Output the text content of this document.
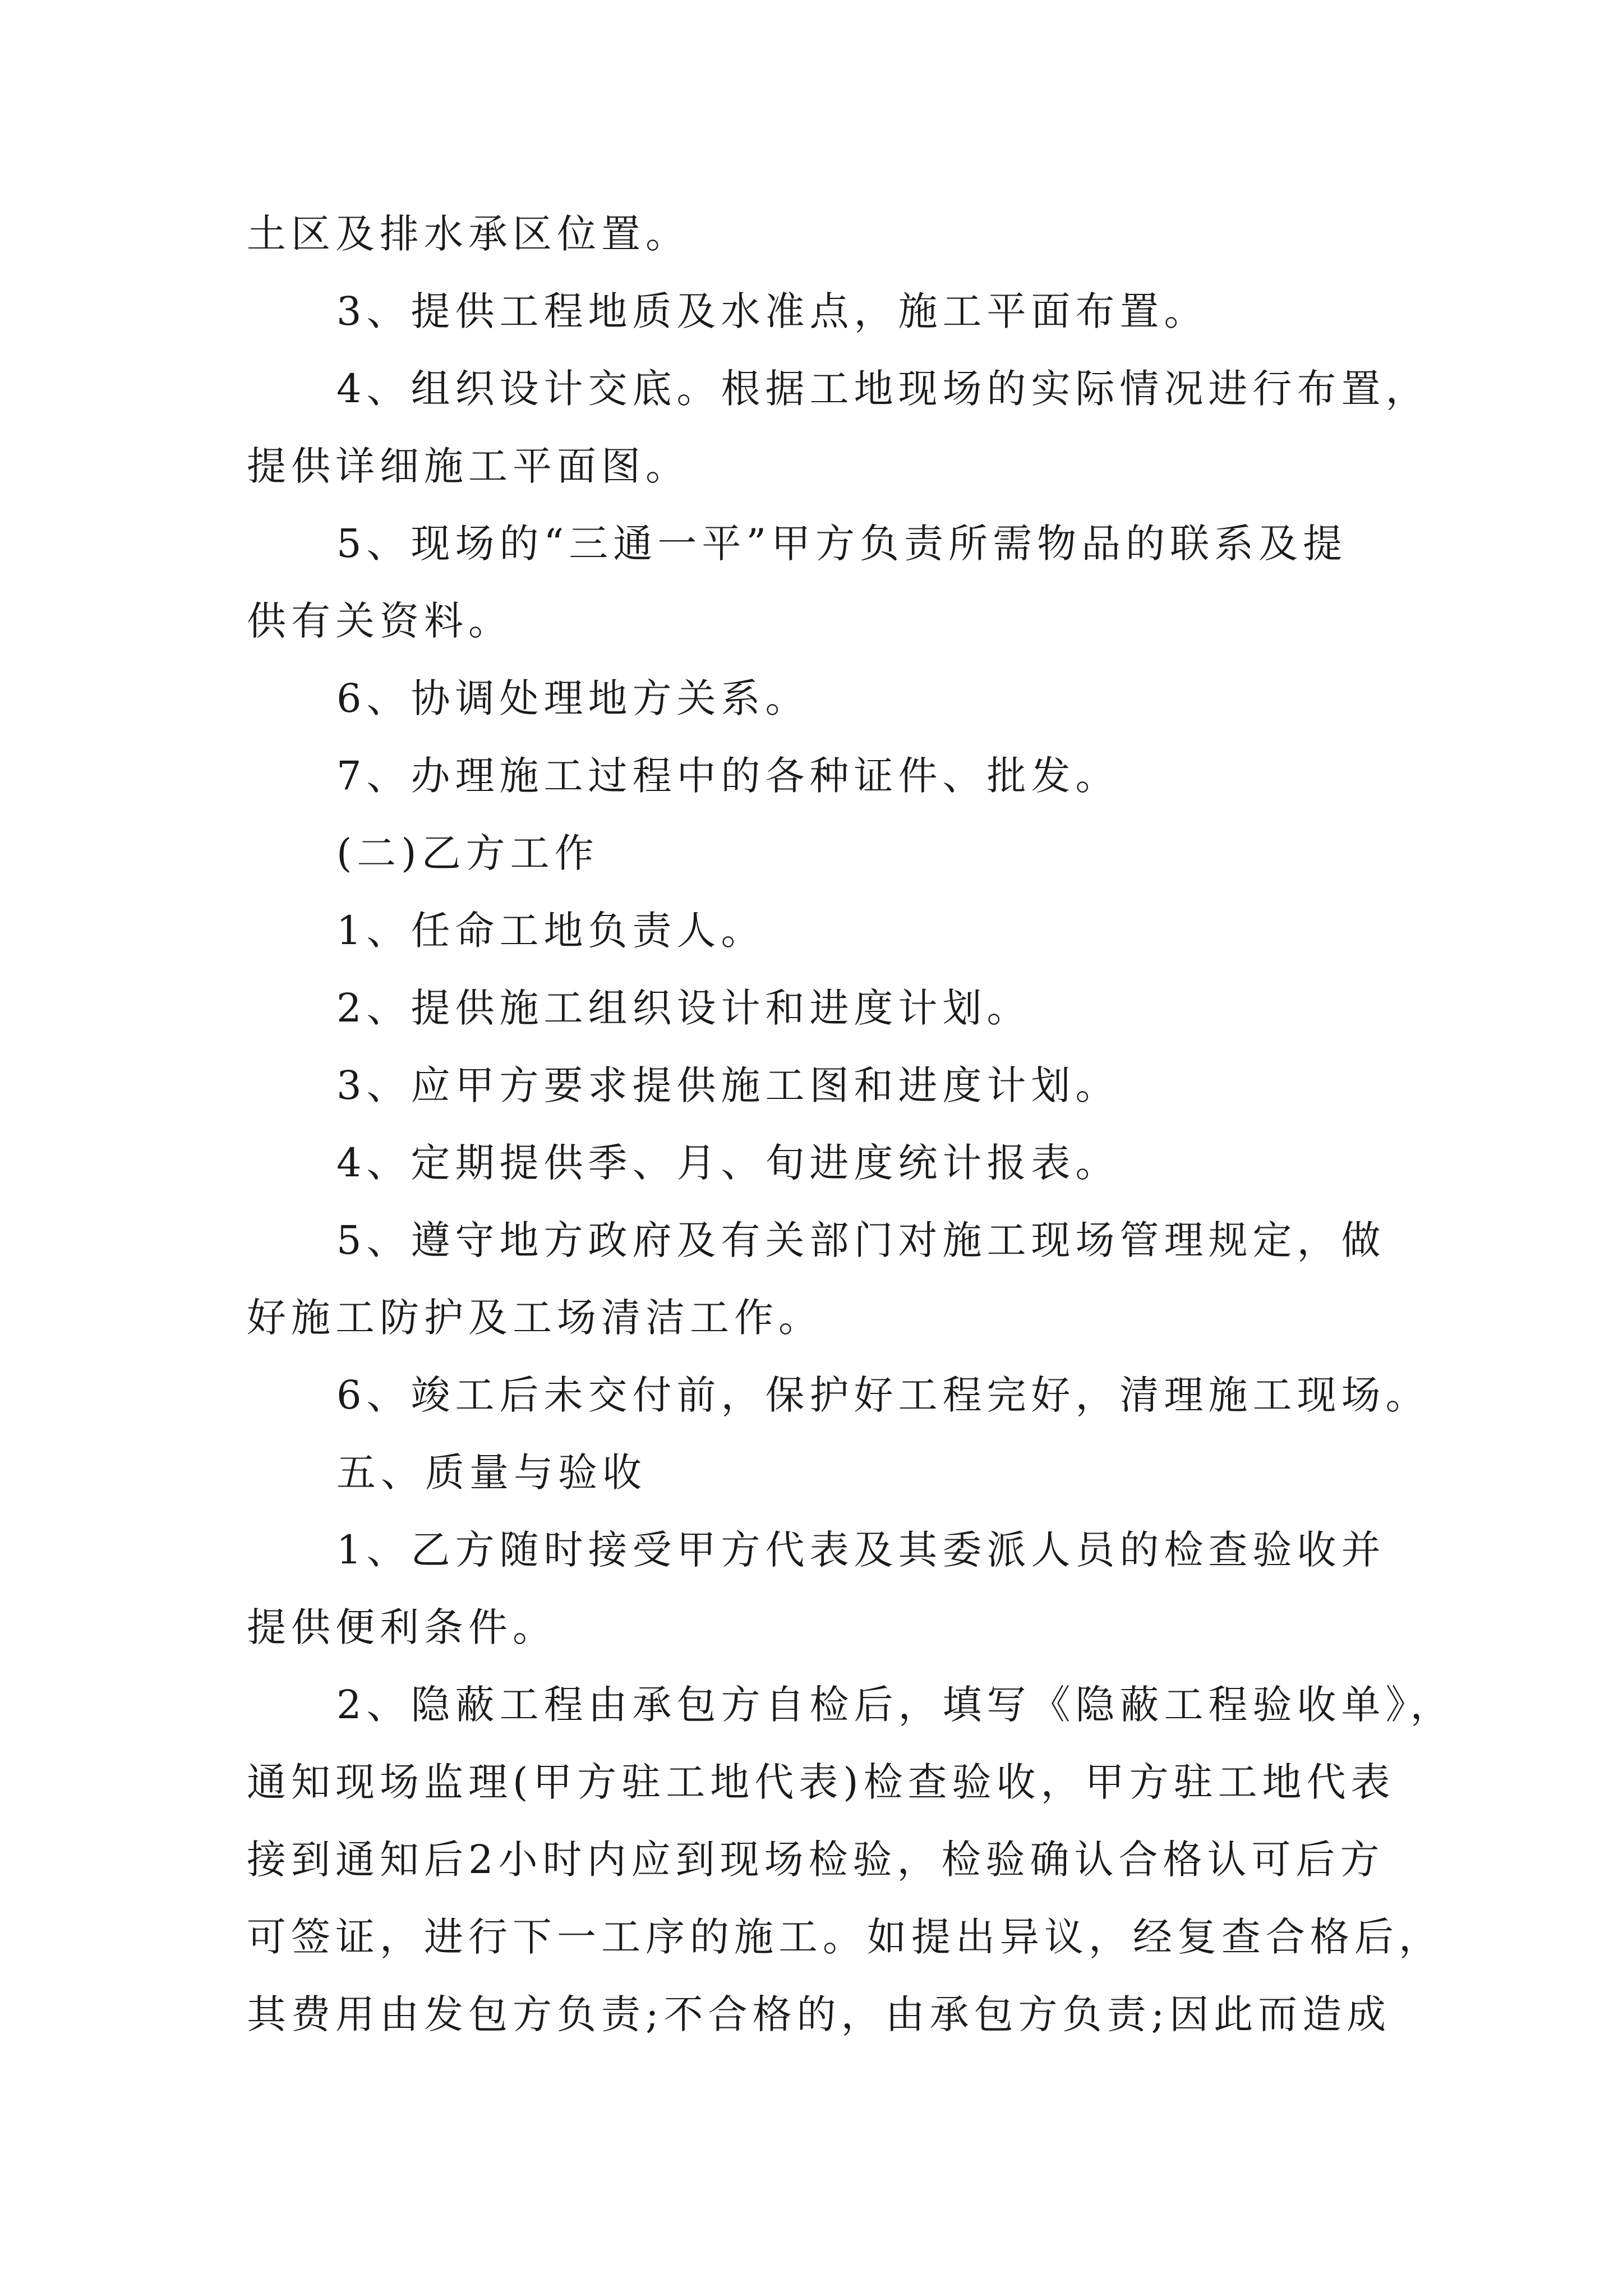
土区及排水承区位置。
3、提供工程地质及水准点，施工平面布置。
4、组织设计交底。根据工地现场的实际情况进行布置，
提供详细施工平面图。
5、现场的“三通一平”甲方负责所需物品的联系及提
供有关资料。
6、协调处理地方关系。
7、办理施工过程中的各种证件、批发。
(二)乙方工作
1、任命工地负责人。
2、提供施工组织设计和进度计划。
3、应甲方要求提供施工图和进度计划。
4、定期提供季、月、旬进度统计报表。
5、遵守地方政府及有关部门对施工现场管理规定，做
好施工防护及工场清洁工作。
6、竣工后未交付前，保护好工程完好，清理施工现场。
五、质量与验收
1、乙方随时接受甲方代表及其委派人员的检查验收并
提供便利条件。
2、隐蔽工程由承包方自检后，填写《隐蔽工程验收单》，
通知现场监理(甲方驻工地代表)检查验收，甲方驻工地代表
接到通知后2小时内应到现场检验，检验确认合格认可后方
可签证，进行下一工序的施工。如提出异议，经复查合格后，
其费用由发包方负责;不合格的，由承包方负责;因此而造成
